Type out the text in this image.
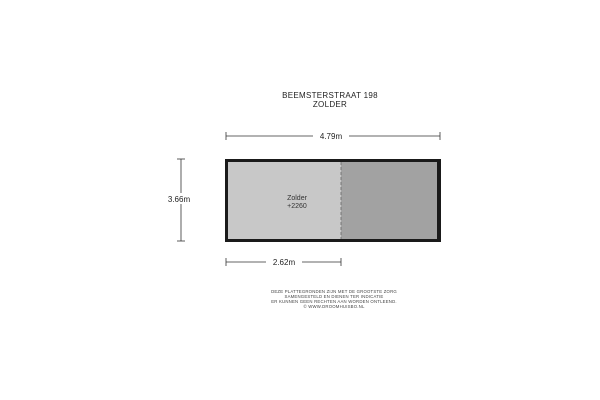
BEEMSTERSTRAAT 198
ZOLDER
4.79m
3.66m	Zolder
+2260
2.62m
DEZE PLATTEGRONDEN ZIJN MET DE GROOTSTE ZORG
SAMENGESTELD EN DIENEN TER INDICATIE
ER KUNNEN GEEN RECHTEN AAN WORDEN ONTLEEND.
© WWW.DROOMHUISBO.NL
